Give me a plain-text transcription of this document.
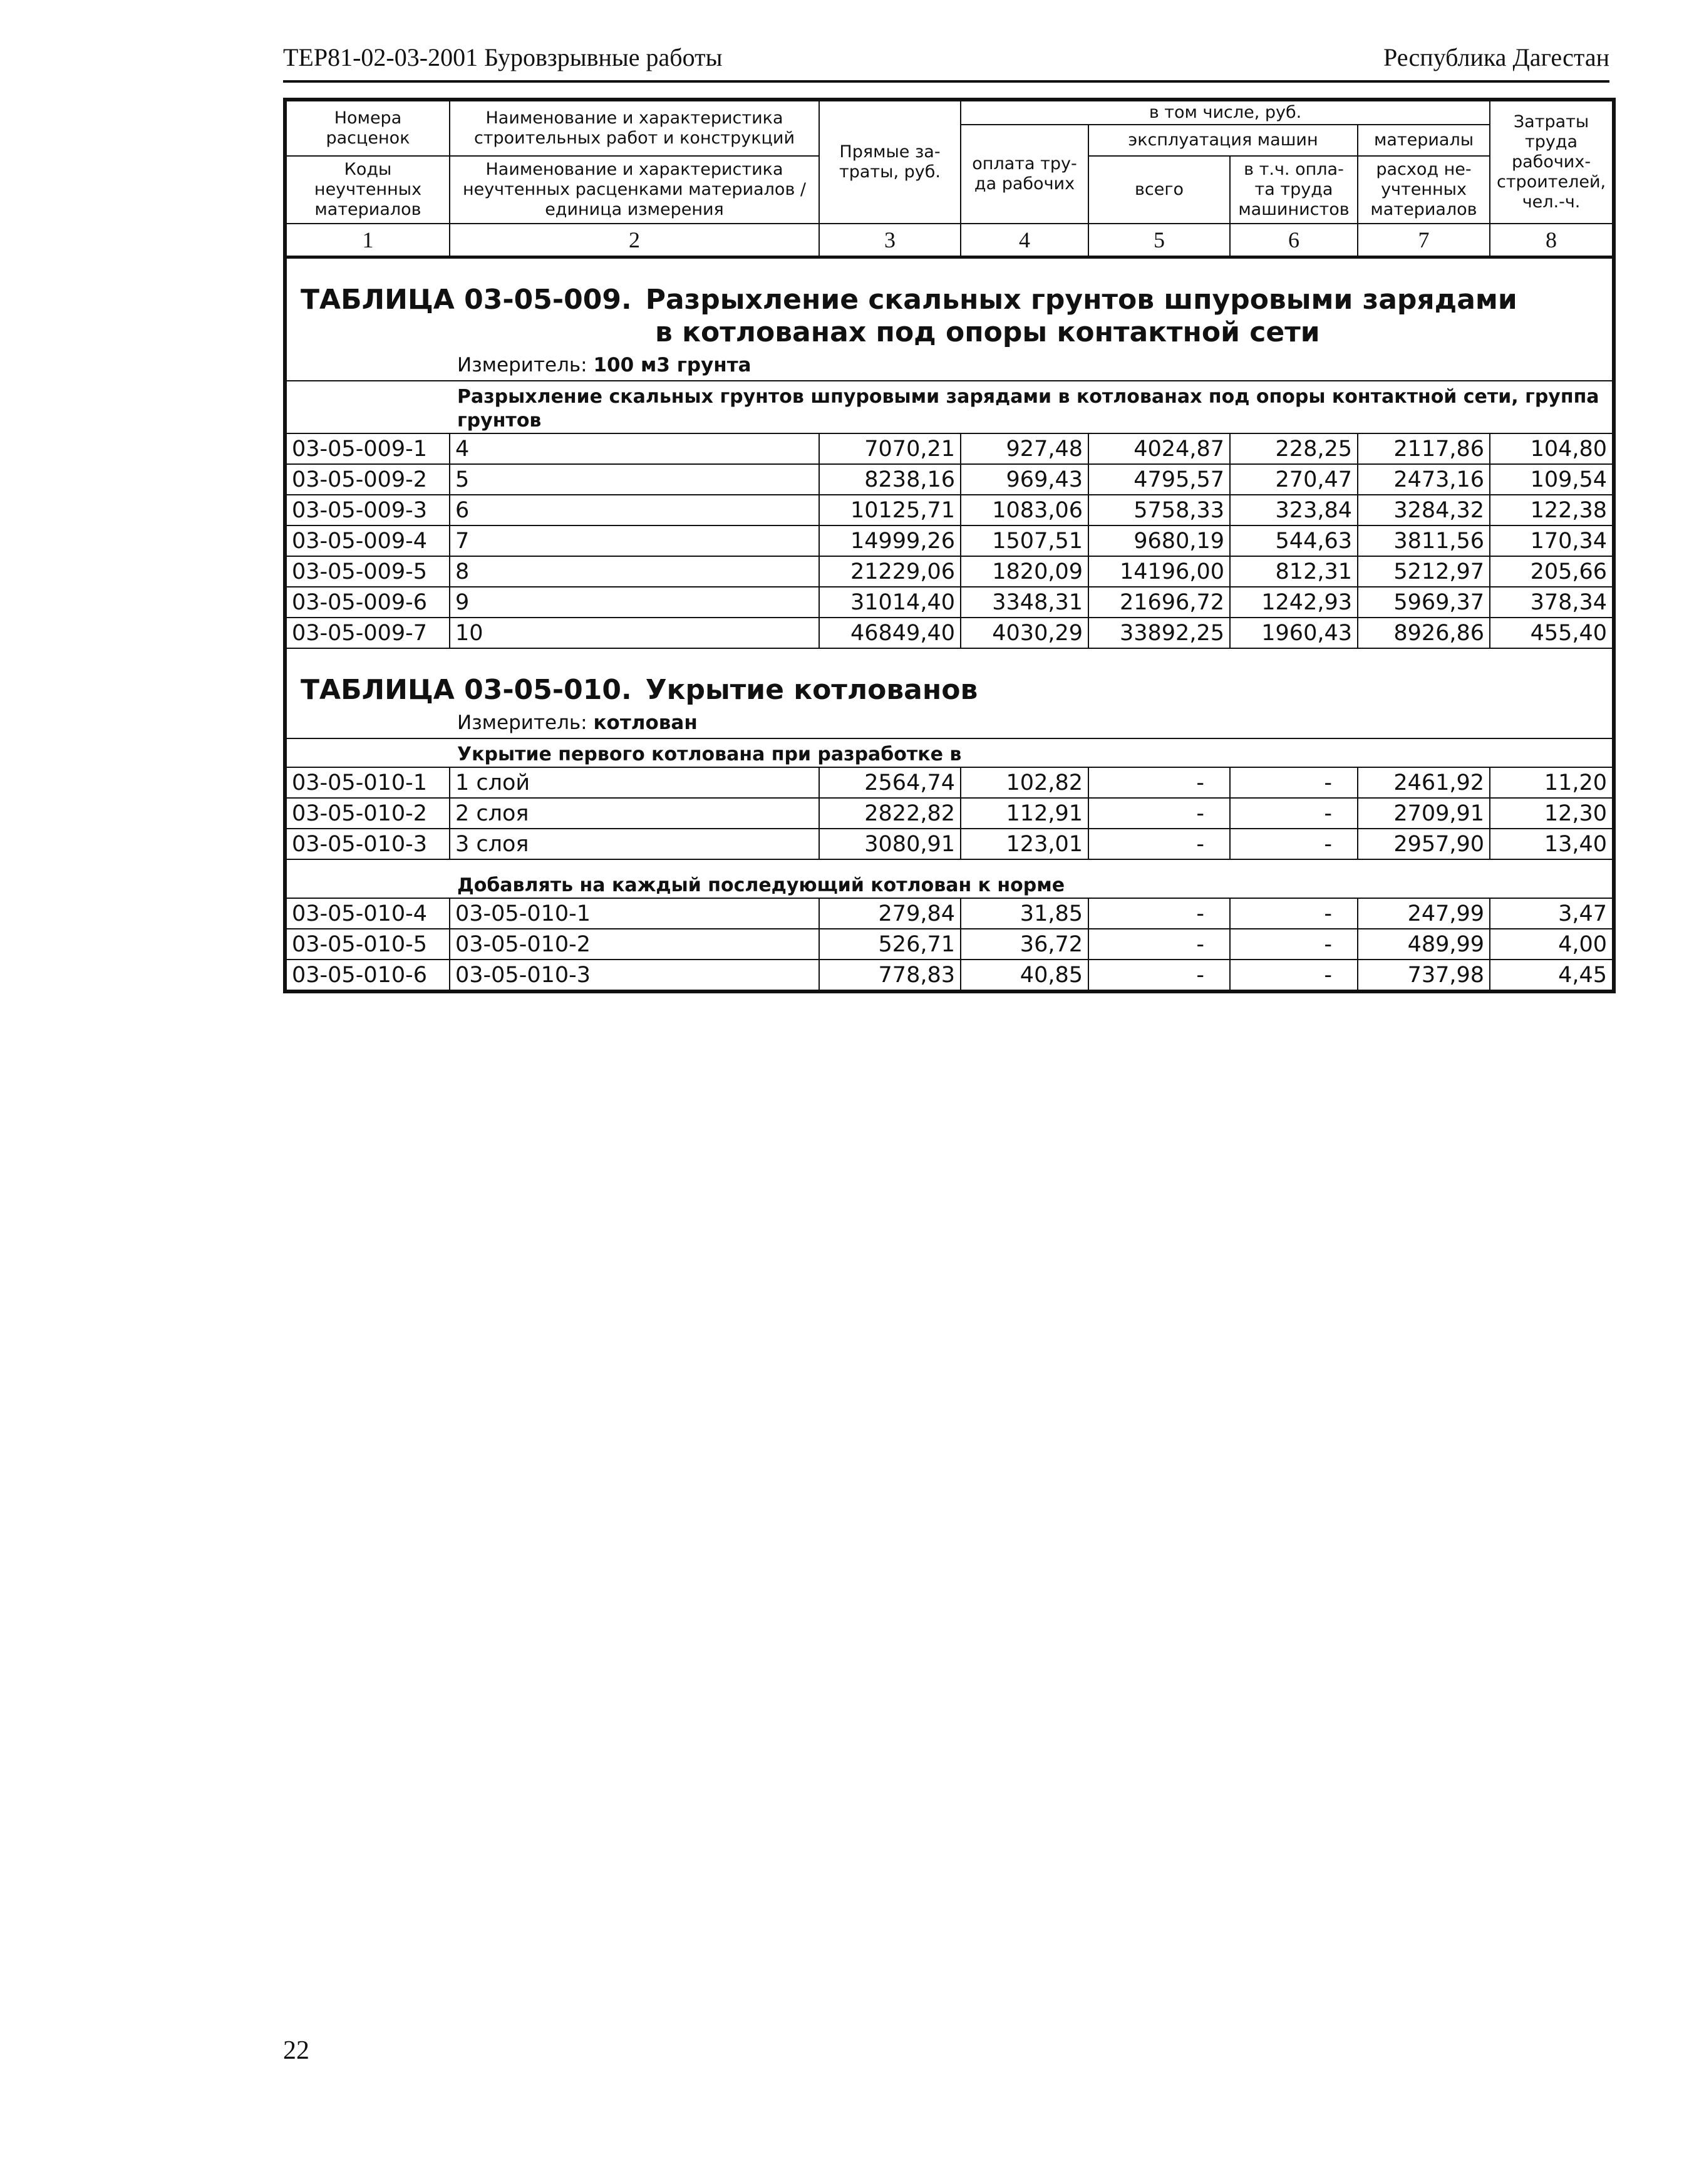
ТЕР81-02-03-2001 Буровзрывные работы	Республика Дагестан
Номера расценок	Наименование и характеристика строительных работ и конструкций	Прямые за-траты, руб.	в том числе, руб.				Затраты труда рабочих-строителей, чел.-ч.
			оплата тру-да рабочих	эксплуатация машин		материалы	
Коды неучтенных материалов	Наименование и характеристика неучтенных расценками материалов / единица измерения			всего	в т.ч. опла-та труда машинистов	расход не-учтенных материалов	

1	2	3	4	5	6	7	8

ТАБЛИЦА 03-05-009. Разрыхление скальных грунтов шпуровыми зарядами
в котлованах под опоры контактной сети							

Измеритель: 100 м3 грунта							
Разрыхление скальных грунтов шпуровыми зарядами в котлованах под опоры контактной сети, группа грунтов							
03-05-009-1	4	7070,21	927,48	4024,87	228,25	2117,86	104,80
03-05-009-2	5	8238,16	969,43	4795,57	270,47	2473,16	109,54
03-05-009-3	6	10125,71	1083,06	5758,33	323,84	3284,32	122,38
03-05-009-4	7	14999,26	1507,51	9680,19	544,63	3811,56	170,34
03-05-009-5	8	21229,06	1820,09	14196,00	812,31	5212,97	205,66
03-05-009-6	9	31014,40	3348,31	21696,72	1242,93	5969,37	378,34
03-05-009-7	10	46849,40	4030,29	33892,25	1960,43	8926,86	455,40

ТАБЛИЦА 03-05-010. Укрытие котлованов							

Измеритель: котлован							
Укрытие первого котлована при разработке в							
03-05-010-1	1 слой	2564,74	102,82	-	-	2461,92	11,20
03-05-010-2	2 слоя	2822,82	112,91	-	-	2709,91	12,30
03-05-010-3	3 слоя	3080,91	123,01	-	-	2957,90	13,40
Добавлять на каждый последующий котлован к норме							
03-05-010-4	03-05-010-1	279,84	31,85	-	-	247,99	3,47
03-05-010-5	03-05-010-2	526,71	36,72	-	-	489,99	4,00
03-05-010-6	03-05-010-3	778,83	40,85	-	-	737,98	4,45
22
